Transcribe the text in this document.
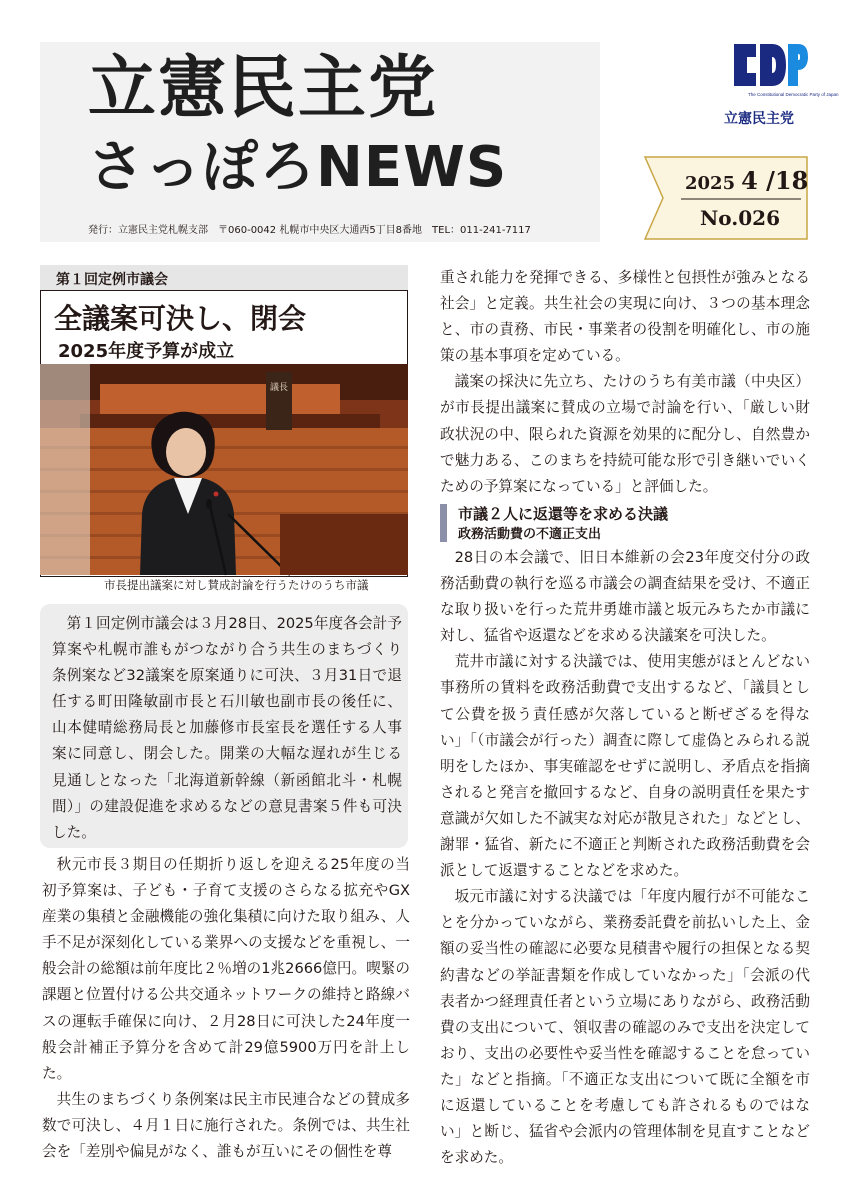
立憲民主党
さっぽろNEWS
発行：立憲民主党札幌支部　〒060-0042 札幌市中央区大通西5丁目8番地　TEL：011-241-7117
The Constitutional Democratic Party of Japan
立憲民主党
2025 4 /18
No.026
第１回定例市議会
全議案可決し、閉会
2025年度予算が成立
議長
市長提出議案に対し賛成討論を行うたけのうち市議

第１回定例市議会は３月28日、2025年度各会計予算案や札幌市誰もがつながり合う共生のまちづくり条例案など32議案を原案通りに可決、３月31日で退任する町田隆敏副市長と石川敏也副市長の後任に、山本健晴総務局長と加藤修市長室長を選任する人事案に同意し、閉会した。開業の大幅な遅れが生じる見通しとなった「北海道新幹線（新函館北斗・札幌間）」の建設促進を求めるなどの意見書案５件も可決した。

秋元市長３期目の任期折り返しを迎える25年度の当初予算案は、子ども・子育て支援のさらなる拡充やGX産業の集積と金融機能の強化集積に向けた取り組み、人手不足が深刻化している業界への支援などを重視し、一般会計の総額は前年度比２％増の1兆2666億円。喫緊の課題と位置付ける公共交通ネットワークの維持と路線バスの運転手確保に向け、２月28日に可決した24年度一般会計補正予算分を含めて計29億5900万円を計上した。

共生のまちづくり条例案は民主市民連合などの賛成多数で可決し、４月１日に施行された。条例では、共生社会を「差別や偏見がなく、誰もが互いにその個性を尊

重され能力を発揮できる、多様性と包摂性が強みとなる社会」と定義。共生社会の実現に向け、３つの基本理念と、市の責務、市民・事業者の役割を明確化し、市の施策の基本事項を定めている。

議案の採決に先立ち、たけのうち有美市議（中央区）が市長提出議案に賛成の立場で討論を行い、「厳しい財政状況の中、限られた資源を効果的に配分し、自然豊かで魅力ある、このまちを持続可能な形で引き継いでいくための予算案になっている」と評価した。

市議２人に返還等を求める決議
政務活動費の不適正支出

28日の本会議で、旧日本維新の会23年度交付分の政務活動費の執行を巡る市議会の調査結果を受け、不適正な取り扱いを行った荒井勇雄市議と坂元みちたか市議に対し、猛省や返還などを求める決議案を可決した。

荒井市議に対する決議では、使用実態がほとんどない事務所の賃料を政務活動費で支出するなど、「議員として公費を扱う責任感が欠落していると断ぜざるを得ない」「（市議会が行った）調査に際して虚偽とみられる説明をしたほか、事実確認をせずに説明し、矛盾点を指摘されると発言を撤回するなど、自身の説明責任を果たす意識が欠如した不誠実な対応が散見された」などとし、謝罪・猛省、新たに不適正と判断された政務活動費を会派として返還することなどを求めた。

坂元市議に対する決議では「年度内履行が不可能なことを分かっていながら、業務委託費を前払いした上、金額の妥当性の確認に必要な見積書や履行の担保となる契約書などの挙証書類を作成していなかった」「会派の代表者かつ経理責任者という立場にありながら、政務活動費の支出について、領収書の確認のみで支出を決定しており、支出の必要性や妥当性を確認することを怠っていた」などと指摘。「不適正な支出について既に全額を市に返還していることを考慮しても許されるものではない」と断じ、猛省や会派内の管理体制を見直すことなどを求めた。
